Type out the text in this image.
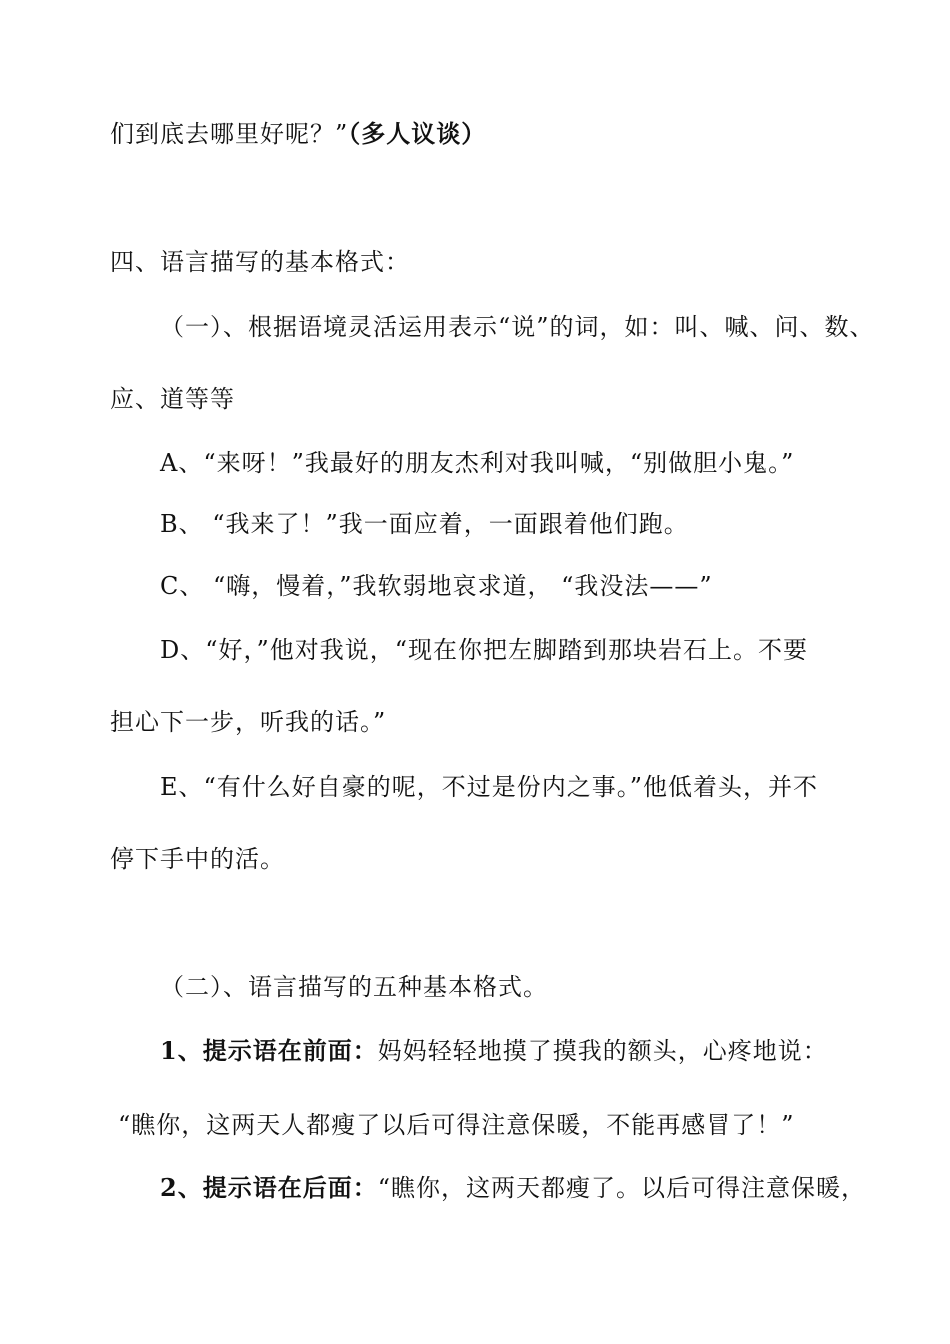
们到底去哪里好呢？”（多人议谈）
四、语言描写的基本格式：
（一）、根据语境灵活运用表示“说”的词，如：叫、喊、问、数、
应、道等等
A、“来呀！”我最好的朋友杰利对我叫喊，“别做胆小鬼。”
B、 “我来了！”我一面应着，一面跟着他们跑。
C、 “嗨，慢着，”我软弱地哀求道， “我没法——”
D、“好，”他对我说，“现在你把左脚踏到那块岩石上。不要
担心下一步，听我的话。”
E、“有什么好自豪的呢，不过是份内之事。”他低着头，并不
停下手中的活。
（二）、语言描写的五种基本格式。
1、提示语在前面：妈妈轻轻地摸了摸我的额头，心疼地说：
“瞧你，这两天人都瘦了以后可得注意保暖，不能再感冒了！”
2、提示语在后面：“瞧你，这两天都瘦了。以后可得注意保暖，
